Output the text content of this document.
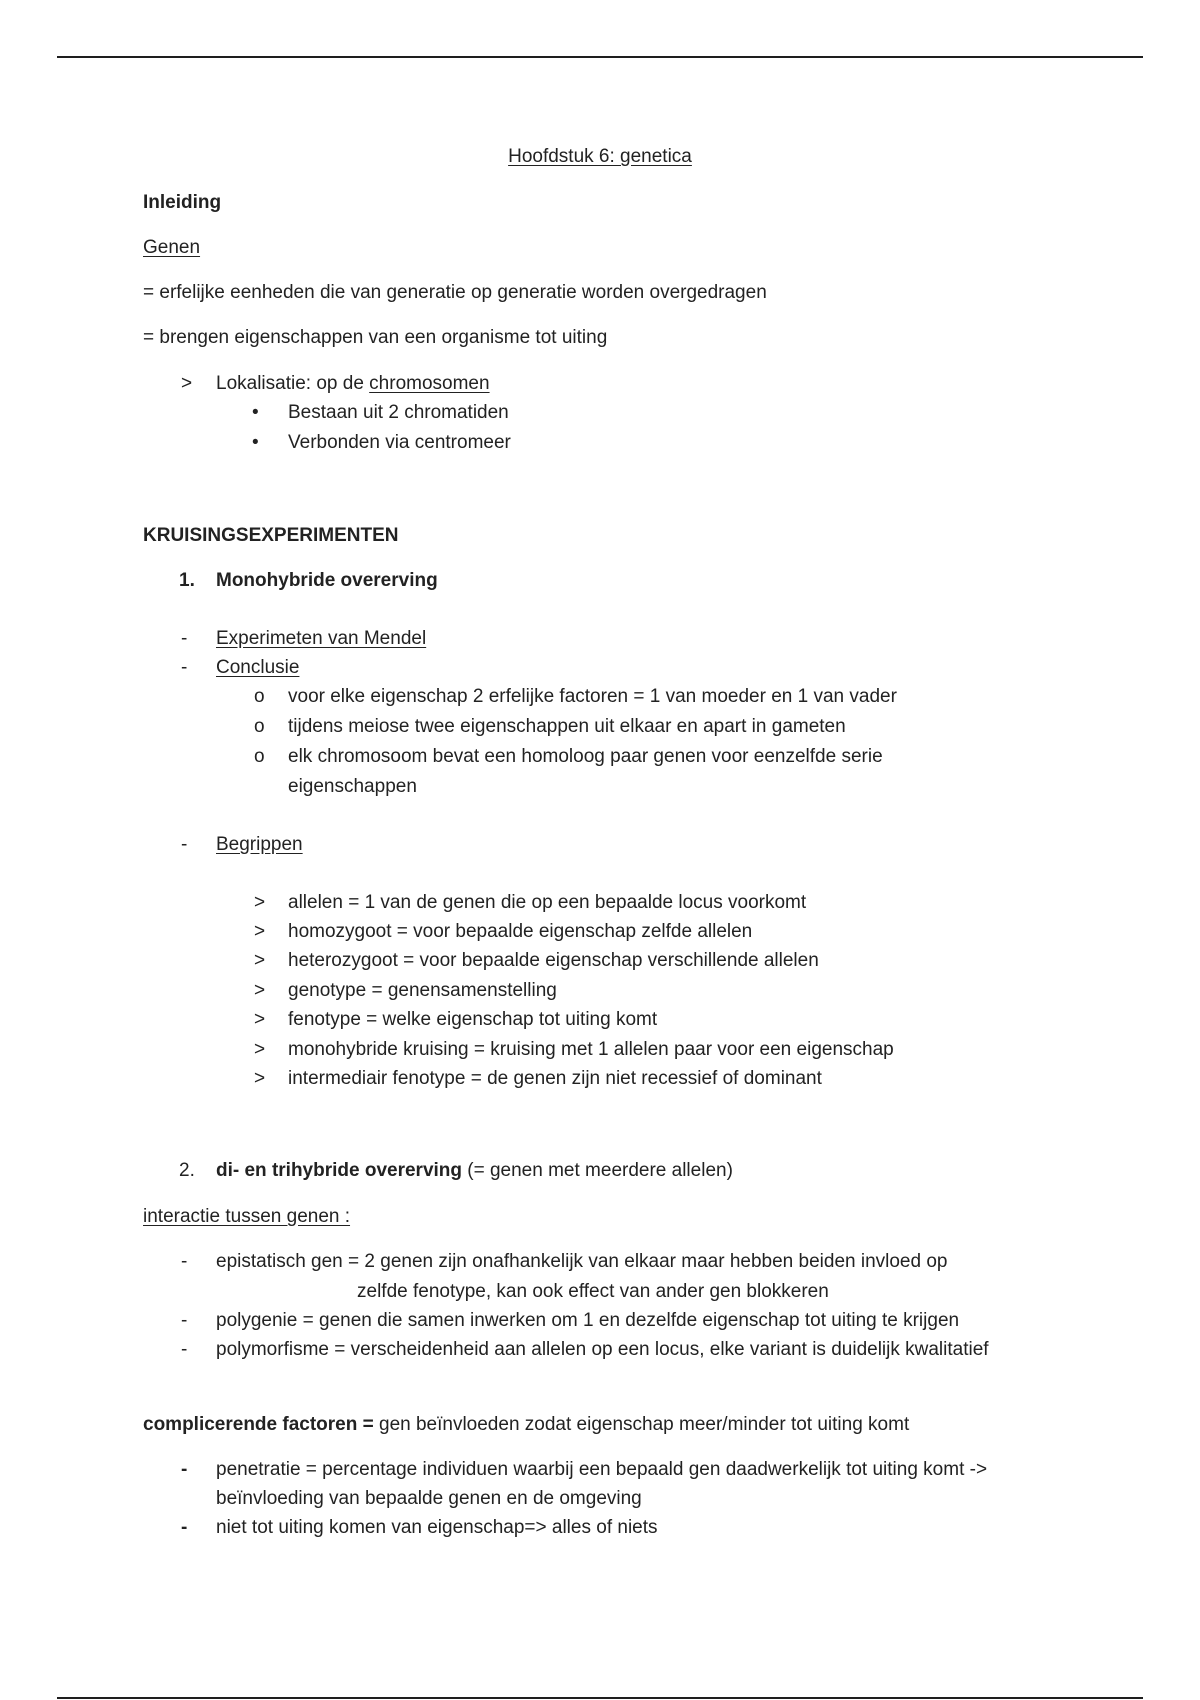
Hoofdstuk 6: genetica
Inleiding
Genen
= erfelijke eenheden die van generatie op generatie worden overgedragen
= brengen eigenschappen van een organisme tot uiting
>	Lokalisatie: op de chromosomen
•	Bestaan uit 2 chromatiden
•	Verbonden via centromeer
KRUISINGSEXPERIMENTEN
1.	Monohybride overerving
-	Experimeten van Mendel
-	Conclusie
o	voor elke eigenschap 2 erfelijke factoren = 1 van moeder en 1 van vader
o	tijdens meiose twee eigenschappen uit elkaar en apart in gameten
o	elk chromosoom bevat een homoloog paar genen voor eenzelfde serie
eigenschappen
-	Begrippen
>	allelen = 1 van de genen die op een bepaalde locus voorkomt
>	homozygoot = voor bepaalde eigenschap zelfde allelen
>	heterozygoot = voor bepaalde eigenschap verschillende allelen
>	genotype = genensamenstelling
>	fenotype = welke eigenschap tot uiting komt
>	monohybride kruising = kruising met 1 allelen paar voor een eigenschap
>	intermediair fenotype = de genen zijn niet recessief of dominant
2.	di- en trihybride overerving (= genen met meerdere allelen)
interactie tussen genen :
-	epistatisch gen = 2 genen zijn onafhankelijk van elkaar maar hebben beiden invloed op
zelfde fenotype, kan ook effect van ander gen blokkeren
-	polygenie = genen die samen inwerken om 1 en dezelfde eigenschap tot uiting te krijgen
-	polymorfisme = verscheidenheid aan allelen op een locus, elke variant is duidelijk kwalitatief
complicerende factoren = gen beïnvloeden zodat eigenschap meer/minder tot uiting komt
-	penetratie = percentage individuen waarbij een bepaald gen daadwerkelijk tot uiting komt ->
beïnvloeding van bepaalde genen en de omgeving
-	niet tot uiting komen van eigenschap=> alles of niets
